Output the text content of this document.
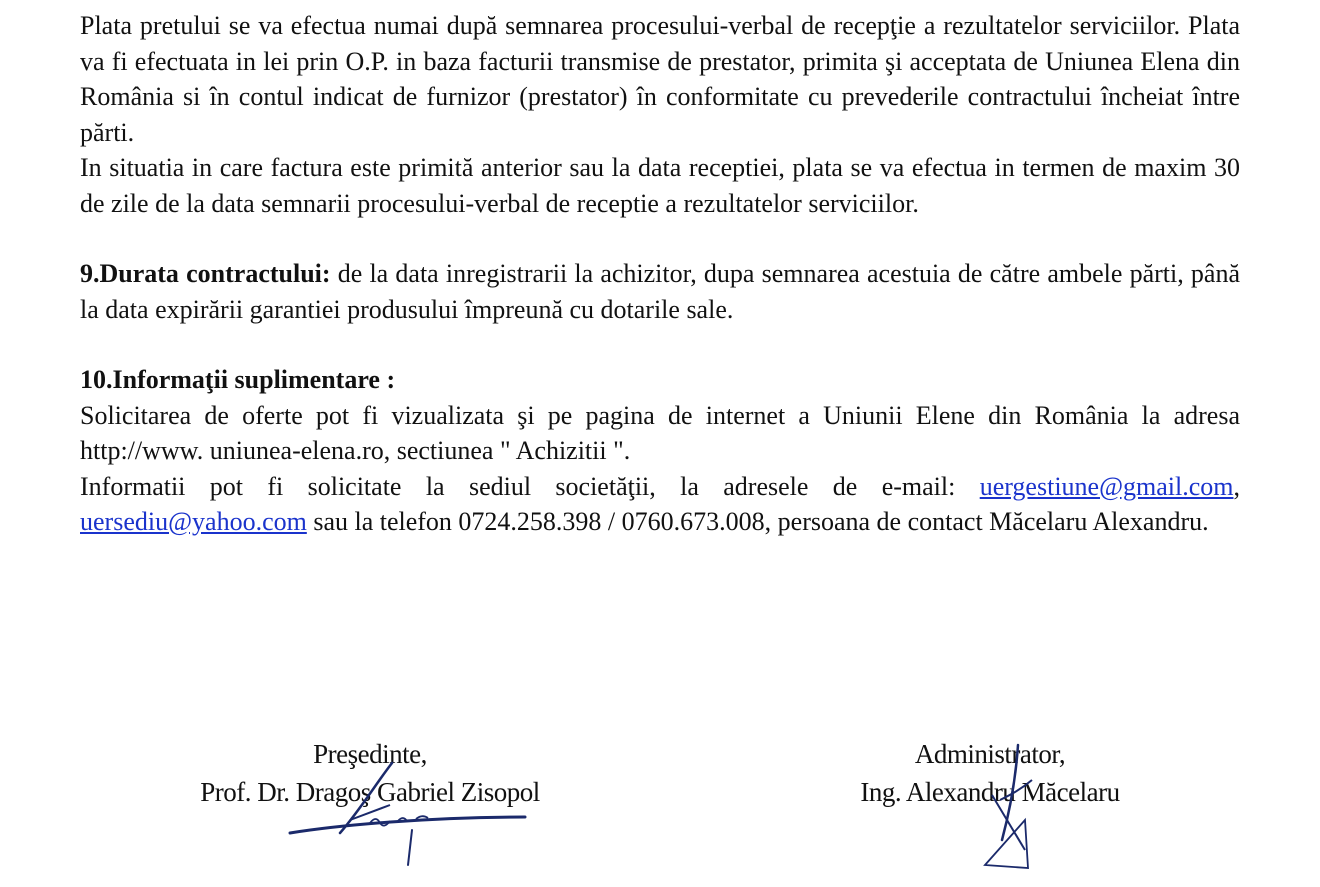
Plata pretului se va efectua numai după semnarea procesului-verbal de recepţie a rezultatelor serviciilor. Plata va fi efectuata in lei prin O.P. in baza facturii transmise de prestator, primita şi acceptata de Uniunea Elena din România si în contul indicat de furnizor (prestator) în conformitate cu prevederile contractului încheiat între părti.

In situatia in care factura este primită anterior sau la data receptiei, plata se va efectua in termen de maxim 30 de zile de la data semnarii procesului-verbal de receptie a rezultatelor serviciilor.

9.Durata contractului: de la data inregistrarii la achizitor, dupa semnarea acestuia de către ambele părti, până la data expirării garantiei produsului împreună cu dotarile sale.

10.Informaţii suplimentare :

Solicitarea de oferte pot fi vizualizata şi pe pagina de internet a Uniunii Elene din România la adresa http://www. uniunea-elena.ro, sectiunea " Achizitii ".

Informatii pot fi solicitate la sediul societăţii, la adresele de e-mail: uergestiune@gmail.com, uersediu@yahoo.com sau la telefon 0724.258.398 / 0760.673.008, persoana de contact Măcelaru Alexandru.

Preşedinte,
Prof. Dr. Dragoş Gabriel Zisopol
Administrator,
Ing. Alexandru Măcelaru
